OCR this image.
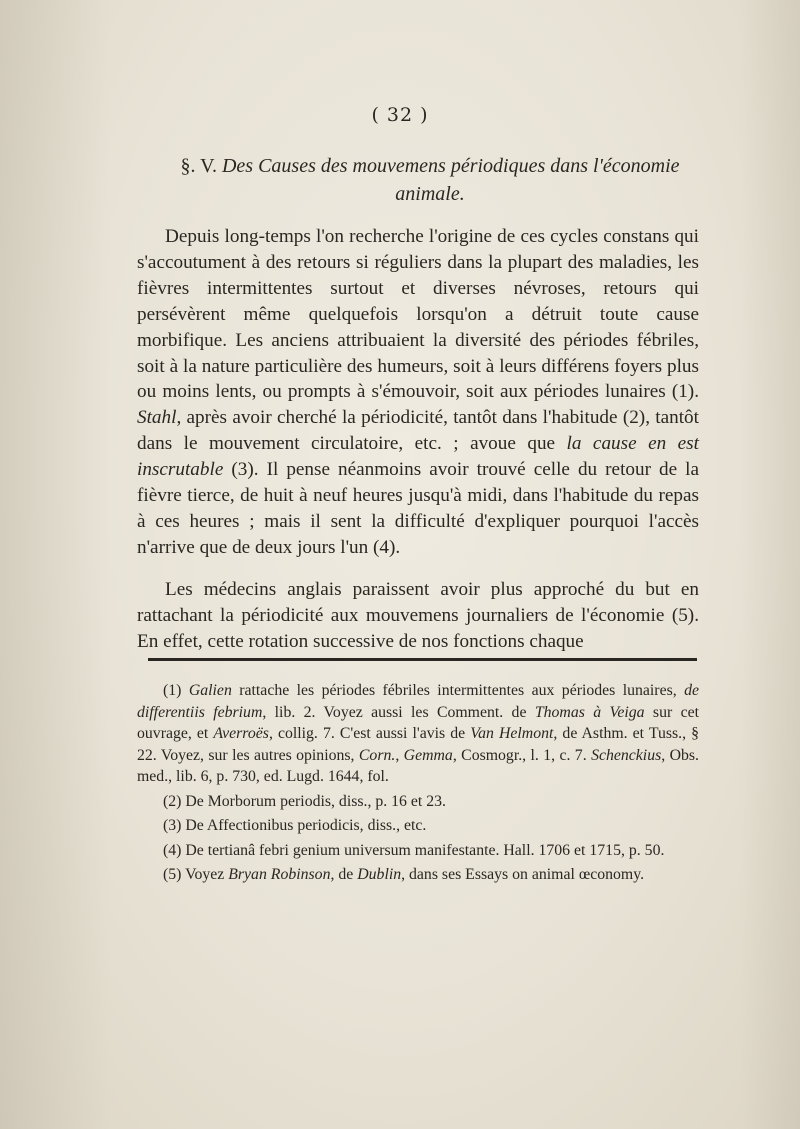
( 32 )
§. V. Des Causes des mouvemens périodiques dans l'économie animale.

Depuis long-temps l'on recherche l'origine de ces cycles constans qui s'accoutument à des retours si réguliers dans la plupart des maladies, les fièvres intermittentes surtout et diverses névroses, retours qui persévèrent même quelquefois lorsqu'on a détruit toute cause morbifique. Les anciens attribuaient la diversité des périodes fébriles, soit à la nature particulière des humeurs, soit à leurs différens foyers plus ou moins lents, ou prompts à s'émouvoir, soit aux périodes lunaires (1). Stahl, après avoir cherché la périodicité, tantôt dans l'habitude (2), tantôt dans le mouvement circulatoire, etc. ; avoue que la cause en est inscrutable (3). Il pense néanmoins avoir trouvé celle du retour de la fièvre tierce, de huit à neuf heures jusqu'à midi, dans l'habitude du repas à ces heures ; mais il sent la difficulté d'expliquer pourquoi l'accès n'arrive que de deux jours l'un (4).

Les médecins anglais paraissent avoir plus approché du but en rattachant la périodicité aux mouvemens journaliers de l'économie (5). En effet, cette rotation successive de nos fonctions chaque

(1) Galien rattache les périodes fébriles intermittentes aux périodes lunaires, de differentiis febrium, lib. 2. Voyez aussi les Comment. de Thomas à Veiga sur cet ouvrage, et Averroës, collig. 7. C'est aussi l'avis de Van Helmont, de Asthm. et Tuss., § 22. Voyez, sur les autres opinions, Corn., Gemma, Cosmogr., l. 1, c. 7. Schenckius, Obs. med., lib. 6, p. 730, ed. Lugd. 1644, fol.
(2) De Morborum periodis, diss., p. 16 et 23.
(3) De Affectionibus periodicis, diss., etc.
(4) De tertianâ febri genium universum manifestante. Hall. 1706 et 1715, p. 50.
(5) Voyez Bryan Robinson, de Dublin, dans ses Essays on animal œconomy.
